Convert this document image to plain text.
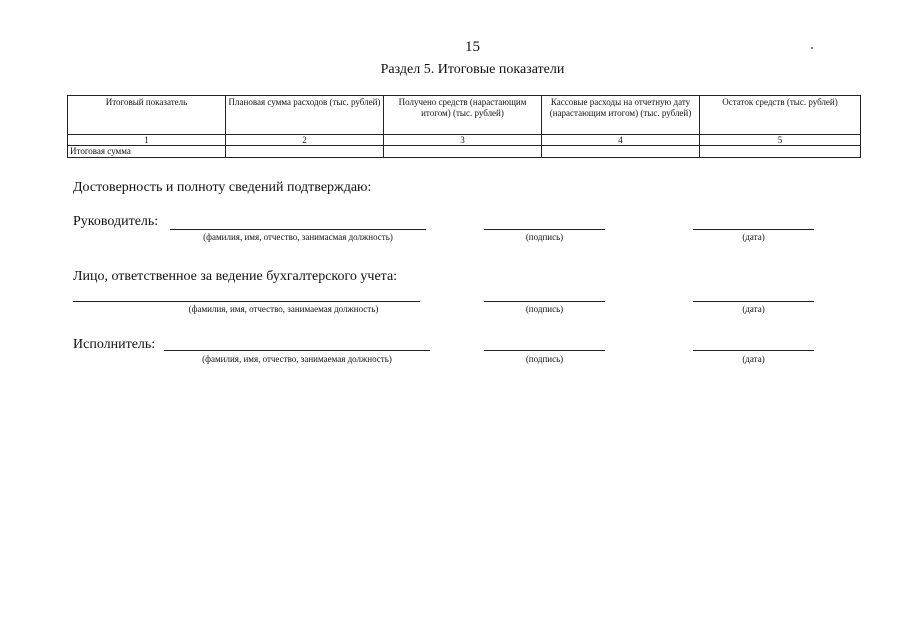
15
Раздел 5. Итоговые показатели
Итоговый показатель	Плановая сумма расходов (тыс. рублей)	Получено средств (нарастающим итогом) (тыс. рублей)	Кассовые расходы на отчетную дату (нарастающим итогом) (тыс. рублей)	Остаток средств (тыс. рублей)
1	2	3	4	5
Итоговая сумма				
Достоверность и полноту сведений подтверждаю:
Руководитель:
(фамилия, имя, отчество, занимасмая должность)	(подпись)	(дата)
Лицо, ответственное за ведение бухгалтерского учета:
(фамилия, имя, отчество, занимаемая должность)	(подпись)	(дата)
Исполнитель:
(фамилия, имя, отчество, занимаемая должность)	(подпись)	(дата)
